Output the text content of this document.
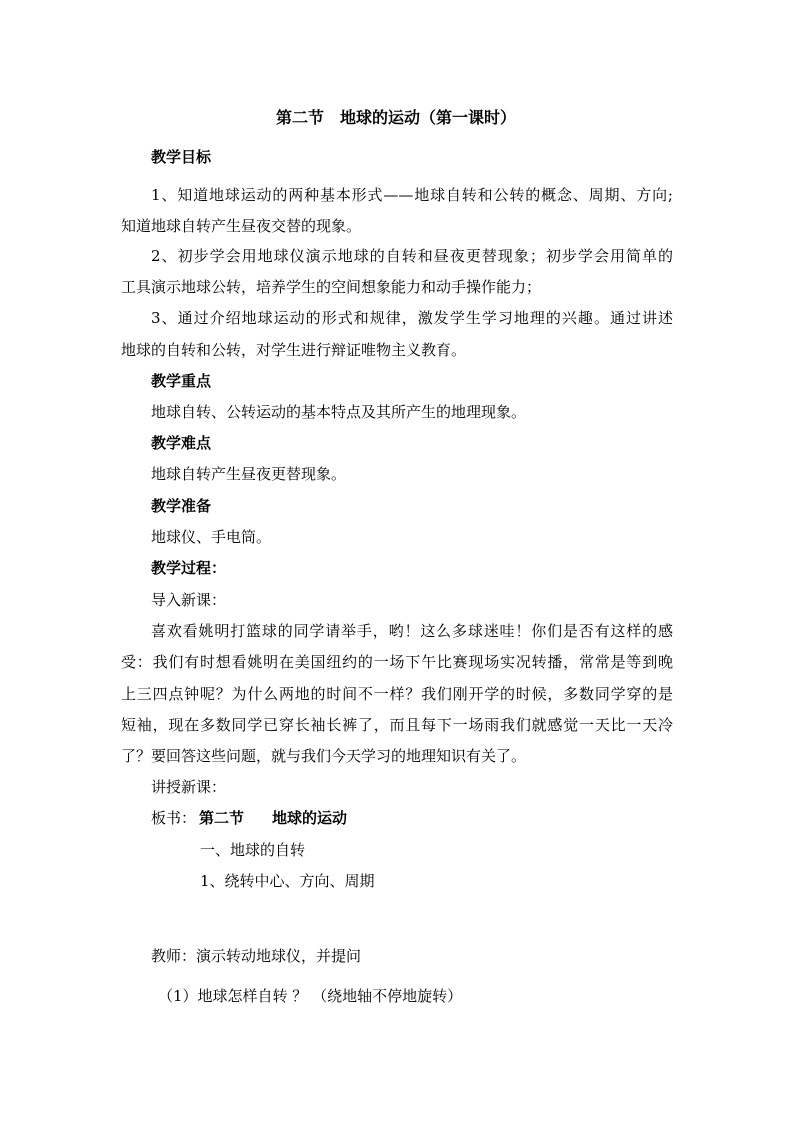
第二节　地球的运动（第一课时）
教学目标
1、知道地球运动的两种基本形式——地球自转和公转的概念、周期、方向;
知道地球自转产生昼夜交替的现象。
2、初步学会用地球仪演示地球的自转和昼夜更替现象；初步学会用简单的
工具演示地球公转，培养学生的空间想象能力和动手操作能力；
3、通过介绍地球运动的形式和规律，激发学生学习地理的兴趣。通过讲述
地球的自转和公转，对学生进行辩证唯物主义教育。
教学重点
地球自转、公转运动的基本特点及其所产生的地理现象。
教学难点
地球自转产生昼夜更替现象。
教学准备
地球仪、手电筒。
教学过程：
导入新课：
喜欢看姚明打篮球的同学请举手，哟！这么多球迷哇！你们是否有这样的感
受：我们有时想看姚明在美国纽约的一场下午比赛现场实况转播，常常是等到晚
上三四点钟呢？为什么两地的时间不一样？我们刚开学的时候，多数同学穿的是
短袖，现在多数同学已穿长袖长裤了，而且每下一场雨我们就感觉一天比一天冷
了？要回答这些问题，就与我们今天学习的地理知识有关了。
讲授新课：
板书： 第二节 地球的运动
一、地球的自转
1、绕转中心、方向、周期
教师：演示转动地球仪，并提问
（1）地球怎样自转 ？ （绕地轴不停地旋转）
